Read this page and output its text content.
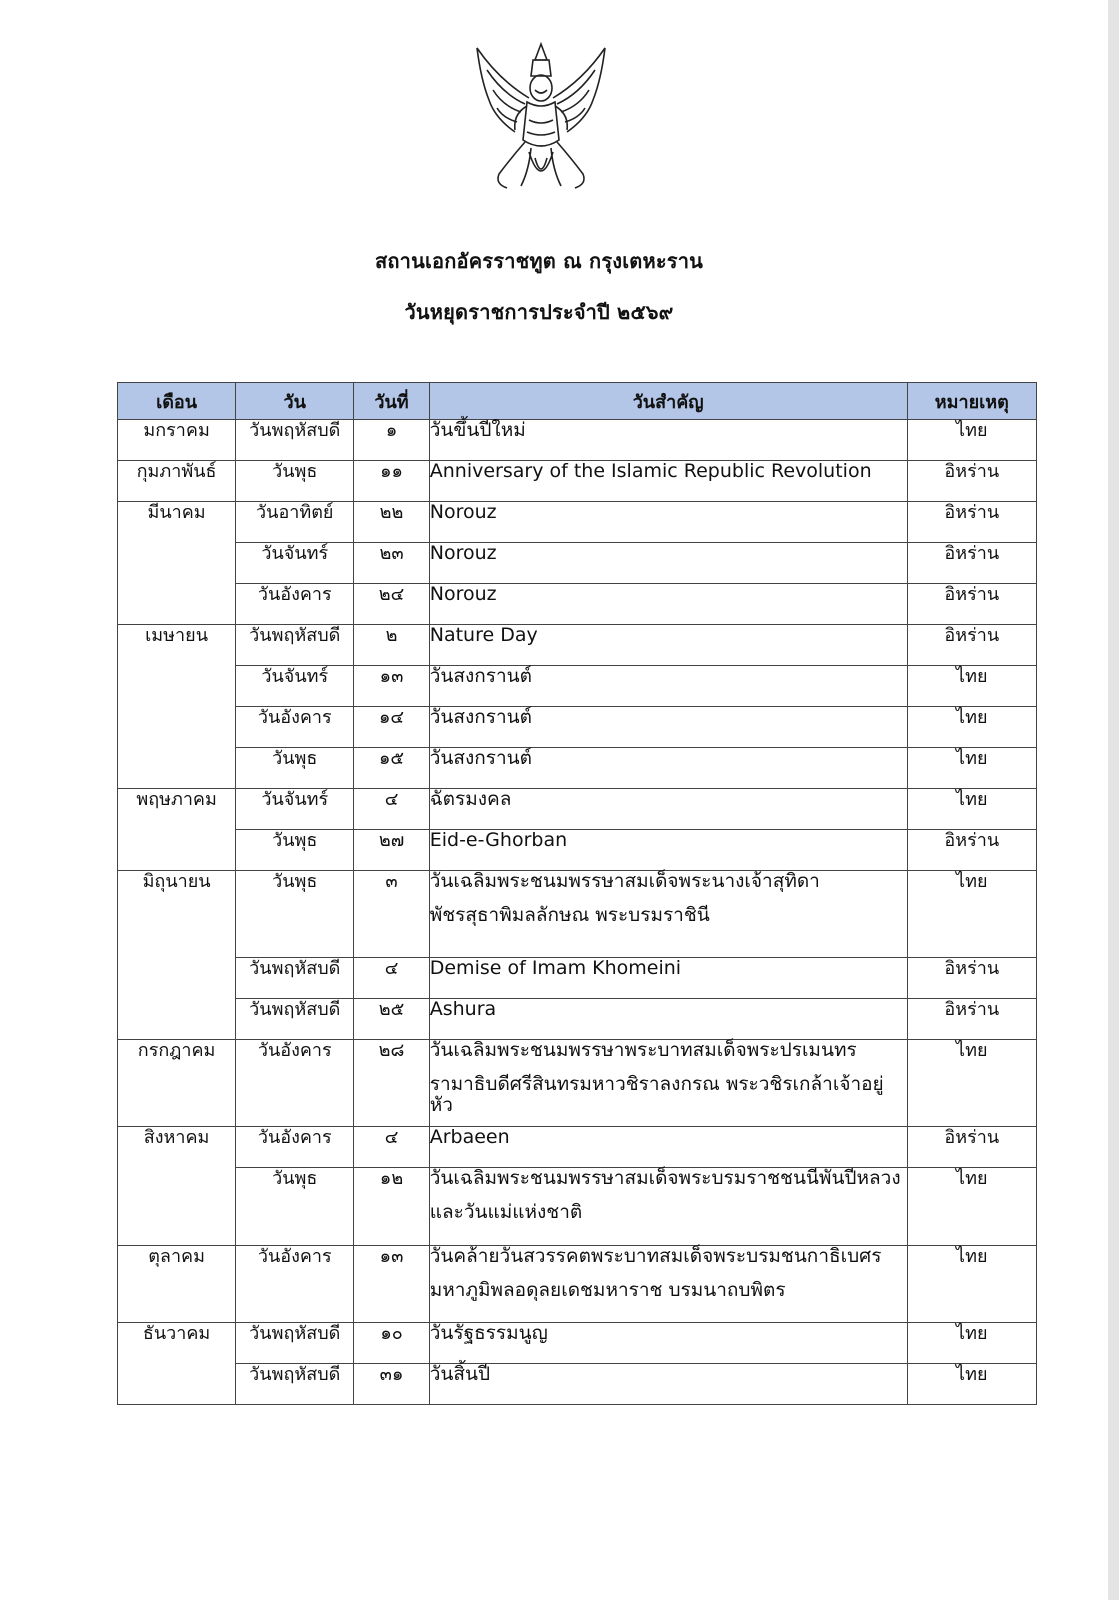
สถานเอกอัครราชทูต ณ กรุงเตหะราน
วันหยุดราชการประจำปี ๒๕๖๙
เดือน	วัน	วันที่	วันสำคัญ	หมายเหตุ
มกราคม	วันพฤหัสบดี	๑	วันขึ้นปีใหม่	ไทย
กุมภาพันธ์	วันพุธ	๑๑	Anniversary of the Islamic Republic Revolution	อิหร่าน
มีนาคม	วันอาทิตย์	๒๒	Norouz	อิหร่าน
	วันจันทร์	๒๓	Norouz	อิหร่าน
	วันอังคาร	๒๔	Norouz	อิหร่าน
เมษายน	วันพฤหัสบดี	๒	Nature Day	อิหร่าน
	วันจันทร์	๑๓	วันสงกรานต์	ไทย
	วันอังคาร	๑๔	วันสงกรานต์	ไทย
	วันพุธ	๑๕	วันสงกรานต์	ไทย
พฤษภาคม	วันจันทร์	๔	ฉัตรมงคล	ไทย
	วันพุธ	๒๗	Eid-e-Ghorban	อิหร่าน
มิถุนายน	วันพุธ	๓	วันเฉลิมพระชนมพรรษาสมเด็จพระนางเจ้าสุทิดา
พัชรสุธาพิมลลักษณ พระบรมราชินี	ไทย
	วันพฤหัสบดี	๔	Demise of Imam Khomeini	อิหร่าน
	วันพฤหัสบดี	๒๕	Ashura	อิหร่าน
กรกฎาคม	วันอังคาร	๒๘	วันเฉลิมพระชนมพรรษาพระบาทสมเด็จพระปรเมนทร
รามาธิบดีศรีสินทรมหาวชิราลงกรณ พระวชิรเกล้าเจ้าอยู่หัว	ไทย
สิงหาคม	วันอังคาร	๔	Arbaeen	อิหร่าน
	วันพุธ	๑๒	วันเฉลิมพระชนมพรรษาสมเด็จพระบรมราชชนนีพันปีหลวง
และวันแม่แห่งชาติ	ไทย
ตุลาคม	วันอังคาร	๑๓	วันคล้ายวันสวรรคตพระบาทสมเด็จพระบรมชนกาธิเบศร
มหาภูมิพลอดุลยเดชมหาราช บรมนาถบพิตร	ไทย
ธันวาคม	วันพฤหัสบดี	๑๐	วันรัฐธรรมนูญ	ไทย
	วันพฤหัสบดี	๓๑	วันสิ้นปี	ไทย
